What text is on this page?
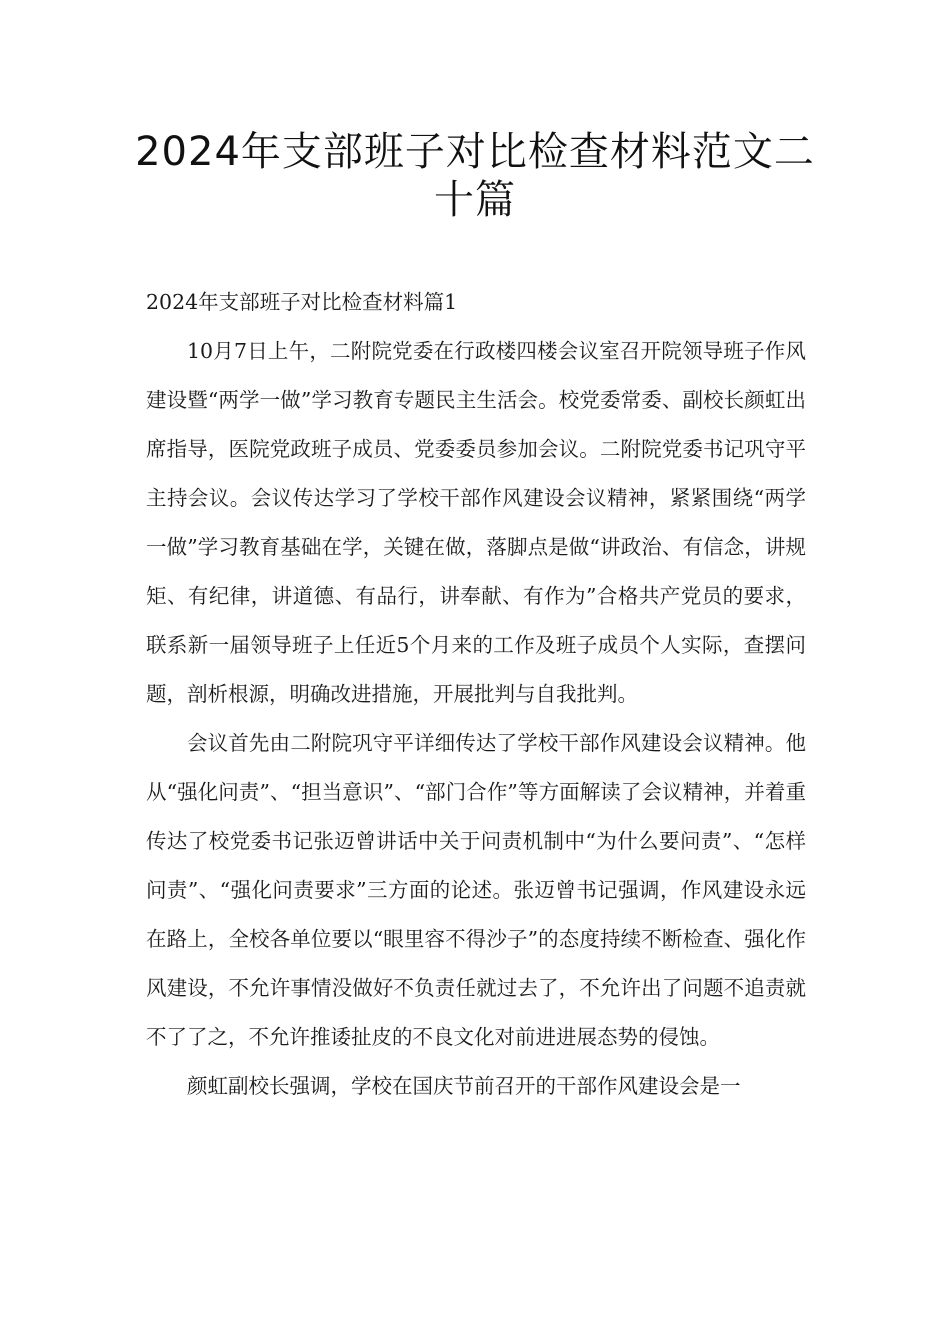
2024年支部班子对比检查材料范文二十篇

2024年支部班子对比检查材料篇1

10月7日上午，二附院党委在行政楼四楼会议室召开院领导班子作风建设暨“两学一做”学习教育专题民主生活会。校党委常委、副校长颜虹出席指导，医院党政班子成员、党委委员参加会议。二附院党委书记巩守平主持会议。会议传达学习了学校干部作风建设会议精神，紧紧围绕“两学一做”学习教育基础在学，关键在做，落脚点是做“讲政治、有信念，讲规矩、有纪律，讲道德、有品行，讲奉献、有作为”合格共产党员的要求，联系新一届领导班子上任近5个月来的工作及班子成员个人实际，查摆问题，剖析根源，明确改进措施，开展批判与自我批判。

会议首先由二附院巩守平详细传达了学校干部作风建设会议精神。他从“强化问责”、“担当意识”、“部门合作”等方面解读了会议精神，并着重传达了校党委书记张迈曾讲话中关于问责机制中“为什么要问责”、“怎样问责”、“强化问责要求”三方面的论述。张迈曾书记强调，作风建设永远在路上，全校各单位要以“眼里容不得沙子”的态度持续不断检查、强化作风建设，不允许事情没做好不负责任就过去了，不允许出了问题不追责就不了了之，不允许推诿扯皮的不良文化对前进进展态势的侵蚀。

颜虹副校长强调，学校在国庆节前召开的干部作风建设会是一
